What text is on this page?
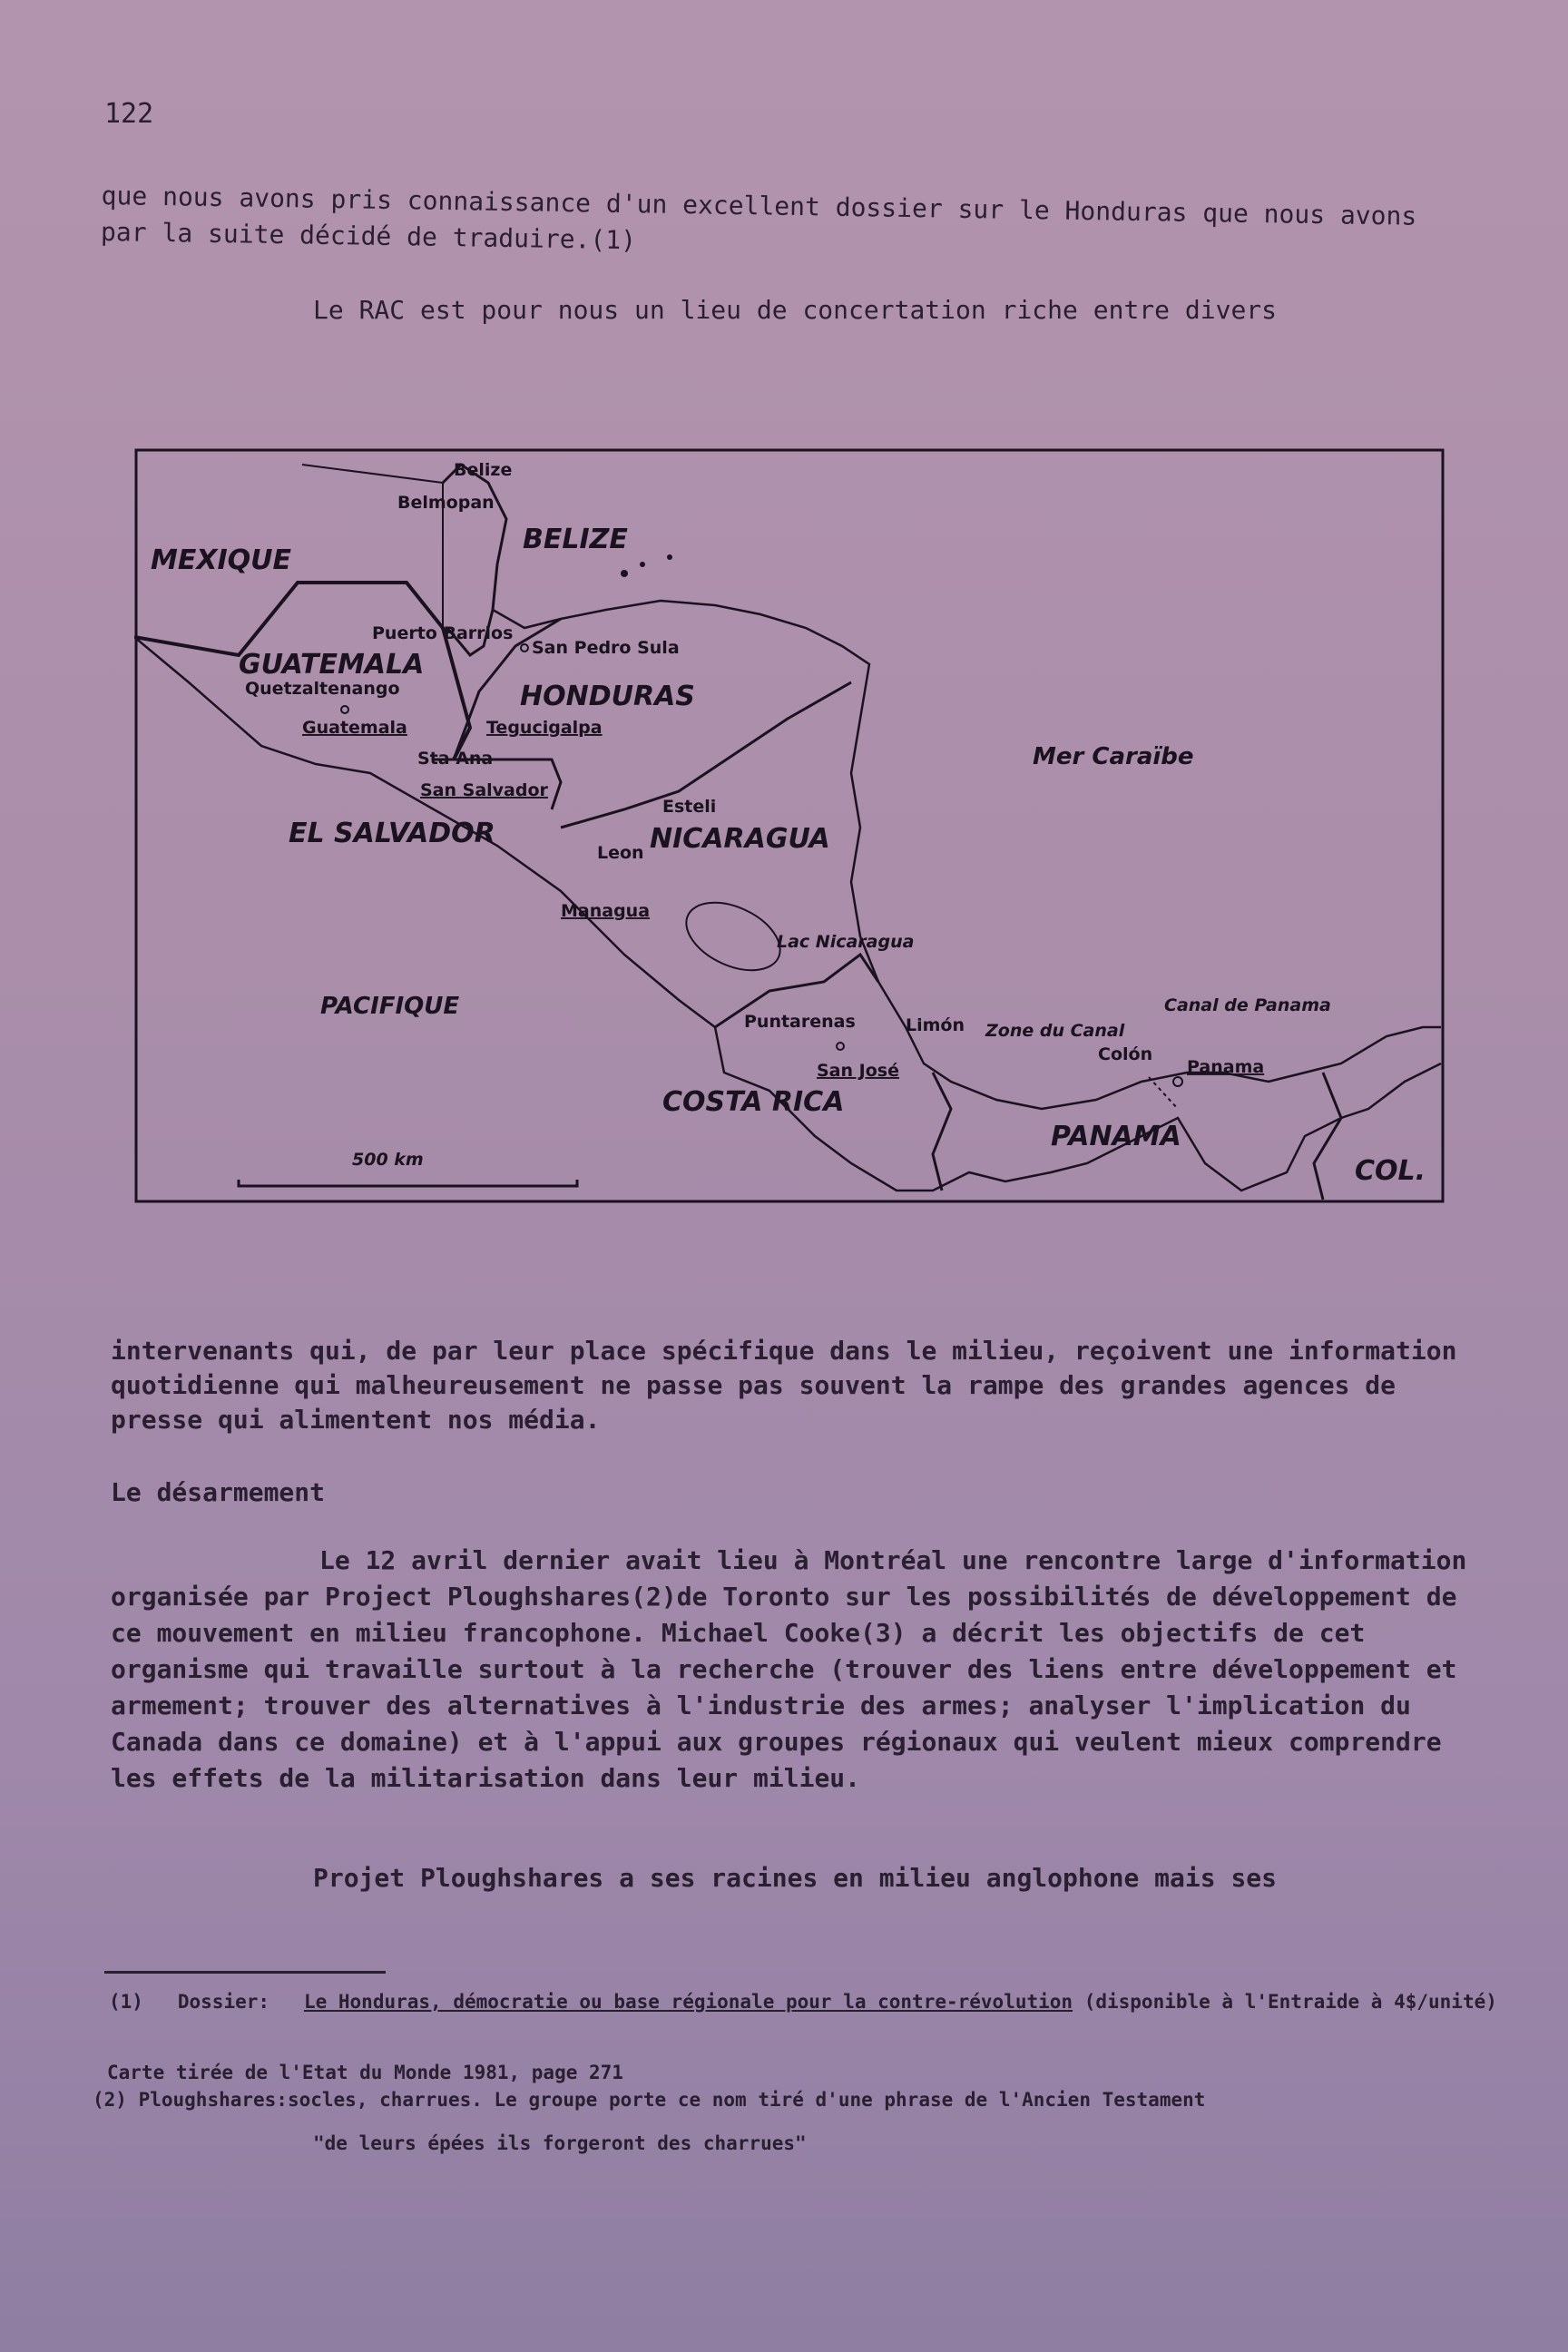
122

que nous avons pris connaissance d'un excellent dossier sur le Honduras que nous avons par la suite décidé de traduire.(1)

Le RAC est pour nous un lieu de concertation riche entre divers

MEXIQUE
BELIZE
GUATEMALA
HONDURAS
EL SALVADOR	NICARAGUA
COSTA RICA
PANAMA
COL.
Mer Caraïbe
PACIFIQUE
Lac Nicaragua
Belize
Belmopan
Puerto Barrios
San Pedro Sula
Quetzaltenango
Guatemala	Tegucigalpa
Sta Ana
San Salvador
Esteli
Leon
Managua
Puntarenas	Limón
San José
Zone du Canal
Canal de Panama
Colón
Panama
500 km

intervenants qui, de par leur place spécifique dans le milieu, reçoivent une information quotidienne qui malheureusement ne passe pas souvent la rampe des grandes agences de presse qui alimentent nos média.

Le désarmement

Le 12 avril dernier avait lieu à Montréal une rencontre large d'information organisée par Project Ploughshares(2)de Toronto sur les possibilités de développement de ce mouvement en milieu francophone. Michael Cooke(3) a décrit les objectifs de cet organisme qui travaille surtout à la recherche (trouver des liens entre développement et armement; trouver des alternatives à l'industrie des armes; analyser l'implication du Canada dans ce domaine) et à l'appui aux groupes régionaux qui veulent mieux comprendre les effets de la militarisation dans leur milieu.

Projet Ploughshares a ses racines en milieu anglophone mais ses

(1) Dossier: Le Honduras, démocratie ou base régionale pour la contre-révolution (disponible à l'Entraide à 4$/unité)
Carte tirée de l'Etat du Monde 1981, page 271
(2) Ploughshares:socles, charrues. Le groupe porte ce nom tiré d'une phrase de l'Ancien Testament
"de leurs épées ils forgeront des charrues"
